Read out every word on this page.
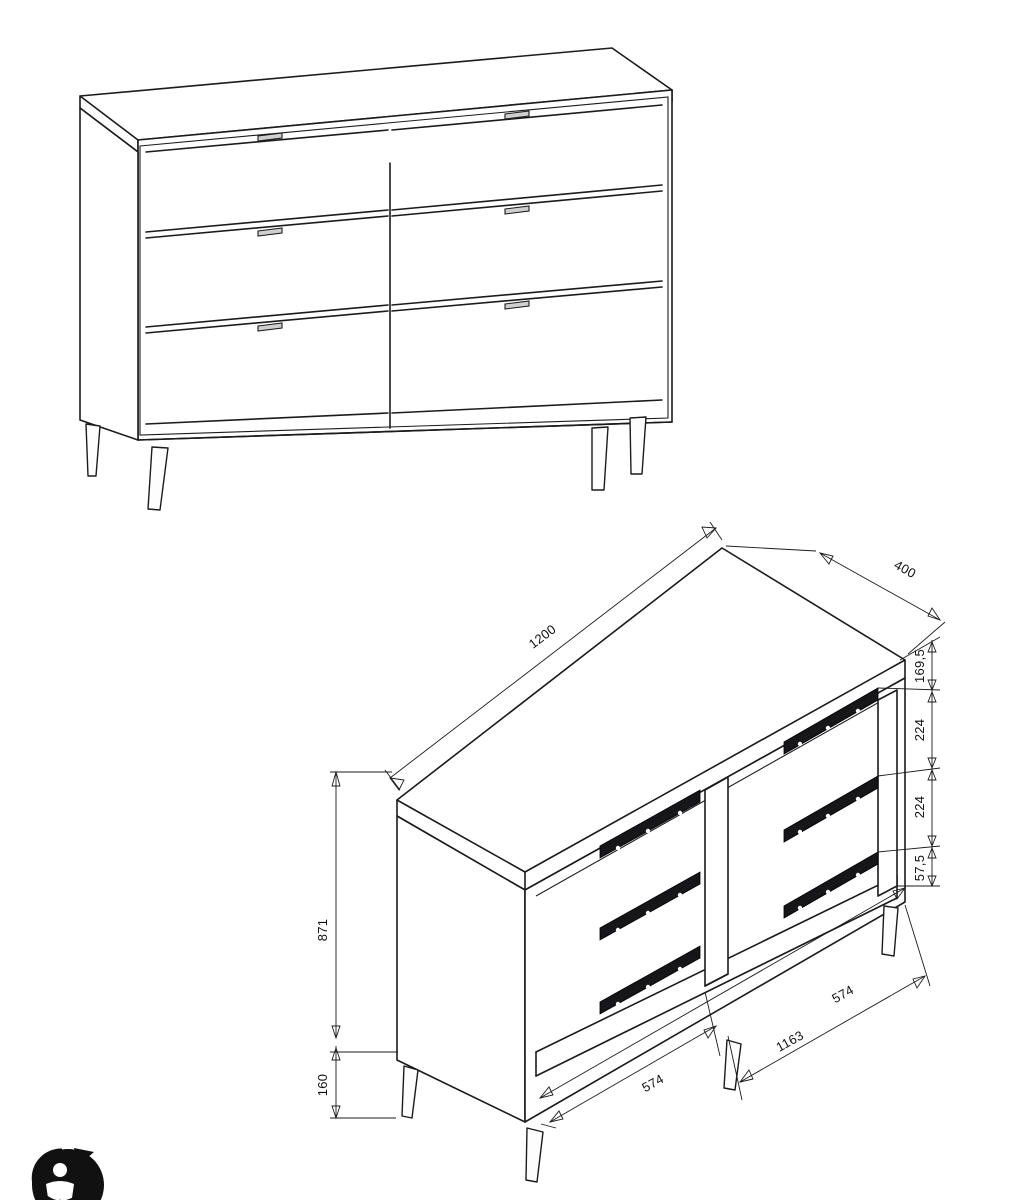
1200
400
871
160
169,5
224
224
57,5
574
574
1163
